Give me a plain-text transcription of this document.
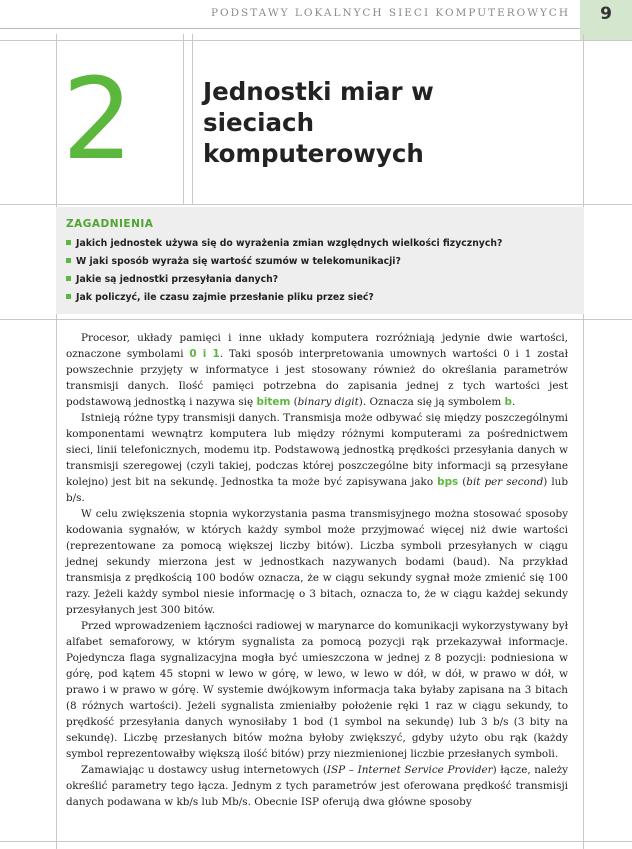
PODSTAWY LOKALNYCH SIECI KOMPUTEROWYCH	9
2	Jednostki miar w sieciach komputerowych
ZAGADNIENIA
Jakich jednostek używa się do wyrażenia zmian względnych wielkości fizycznych?
W jaki sposób wyraża się wartość szumów w telekomunikacji?
Jakie są jednostki przesyłania danych?
Jak policzyć, ile czasu zajmie przesłanie pliku przez sieć?

Procesor, układy pamięci i inne układy komputera rozróżniają jedynie dwie wartości, oznaczone symbolami 0 i 1. Taki sposób interpretowania umownych wartości 0 i 1 został powszechnie przyjęty w informatyce i jest stosowany również do określania parametrów transmisji danych. Ilość pamięci potrzebna do zapisania jednej z tych wartości jest podstawową jednostką i nazywa się bitem (binary digit). Oznacza się ją symbolem b.

Istnieją różne typy transmisji danych. Transmisja może odbywać się między poszczególnymi komponentami wewnątrz komputera lub między różnymi komputerami za pośrednictwem sieci, linii telefonicznych, modemu itp. Podstawową jednostką prędkości przesyłania danych w transmisji szeregowej (czyli takiej, podczas której poszczególne bity informacji są przesyłane kolejno) jest bit na sekundę. Jednostka ta może być zapisywana jako bps (bit per second) lub b/s.

W celu zwiększenia stopnia wykorzystania pasma transmisyjnego można stosować sposoby kodowania sygnałów, w których każdy symbol może przyjmować więcej niż dwie wartości (reprezentowane za pomocą większej liczby bitów). Liczba symboli przesyłanych w ciągu jednej sekundy mierzona jest w jednostkach nazywanych bodami (baud). Na przykład transmisja z prędkością 100 bodów oznacza, że w ciągu sekundy sygnał może zmienić się 100 razy. Jeżeli każdy symbol niesie informację o 3 bitach, oznacza to, że w ciągu każdej sekundy przesyłanych jest 300 bitów.

Przed wprowadzeniem łączności radiowej w marynarce do komunikacji wykorzystywany był alfabet semaforowy, w którym sygnalista za pomocą pozycji rąk przekazywał informacje. Pojedyncza flaga sygnalizacyjna mogła być umieszczona w jednej z 8 pozycji: podniesiona w górę, pod kątem 45 stopni w lewo w górę, w lewo, w lewo w dół, w dół, w prawo w dół, w prawo i w prawo w górę. W systemie dwójkowym informacja taka byłaby zapisana na 3 bitach (8 różnych wartości). Jeżeli sygnalista zmieniałby położenie ręki 1 raz w ciągu sekundy, to prędkość przesyłania danych wynosiłaby 1 bod (1 symbol na sekundę) lub 3 b/s (3 bity na sekundę). Liczbę przesłanych bitów można byłoby zwiększyć, gdyby użyto obu rąk (każdy symbol reprezentowałby większą ilość bitów) przy niezmienionej liczbie przesłanych symboli.

Zamawiając u dostawcy usług internetowych (ISP – Internet Service Provider) łącze, należy określić parametry tego łącza. Jednym z tych parametrów jest oferowana prędkość transmisji danych podawana w kb/s lub Mb/s. Obecnie ISP oferują dwa główne sposoby
